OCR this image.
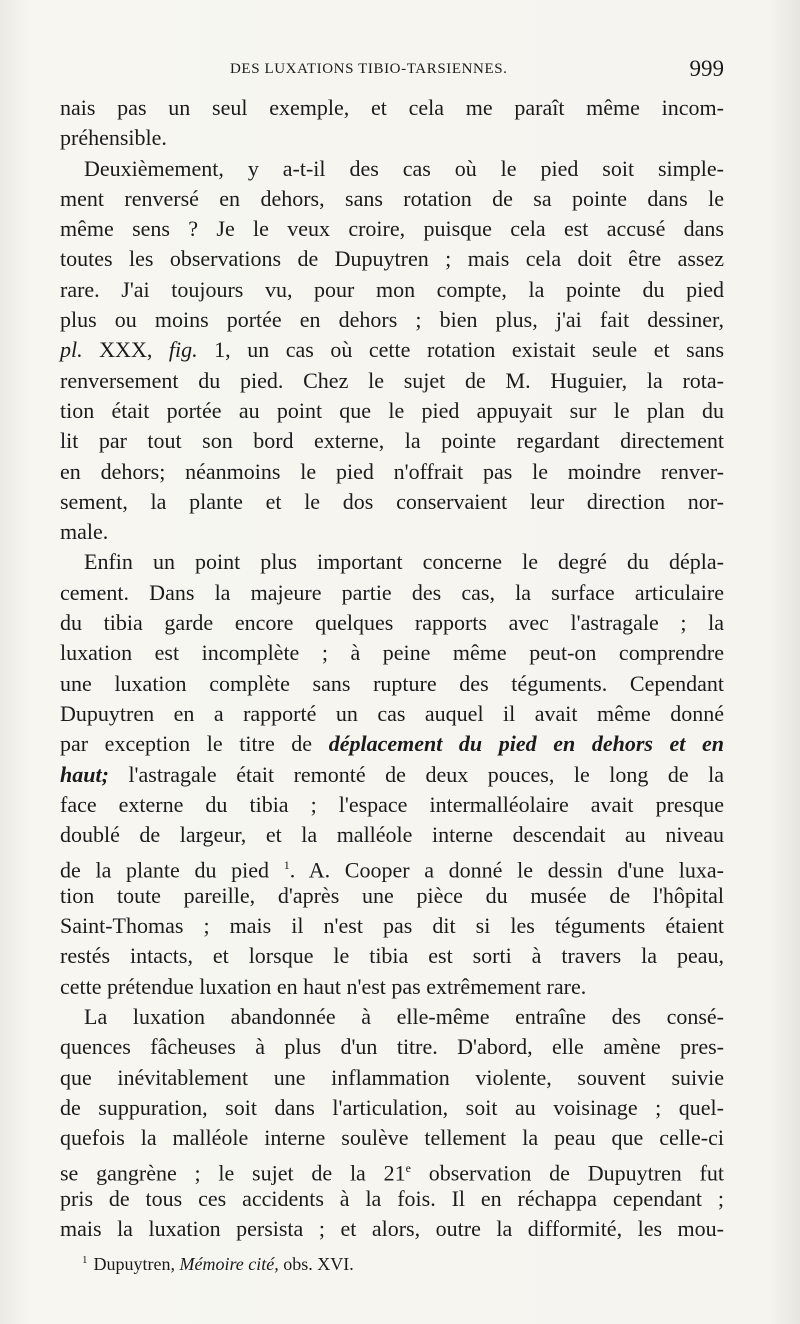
DES LUXATIONS TIBIO-TARSIENNES.	999
nais pas un seul exemple, et cela me paraît même incom-
préhensible.
Deuxièmement, y a-t-il des cas où le pied soit simple-
ment renversé en dehors, sans rotation de sa pointe dans le
même sens ? Je le veux croire, puisque cela est accusé dans
toutes les observations de Dupuytren ; mais cela doit être assez
rare. J'ai toujours vu, pour mon compte, la pointe du pied
plus ou moins portée en dehors ; bien plus, j'ai fait dessiner,
pl. XXX, fig. 1, un cas où cette rotation existait seule et sans
renversement du pied. Chez le sujet de M. Huguier, la rota-
tion était portée au point que le pied appuyait sur le plan du
lit par tout son bord externe, la pointe regardant directement
en dehors; néanmoins le pied n'offrait pas le moindre renver-
sement, la plante et le dos conservaient leur direction nor-
male.
Enfin un point plus important concerne le degré du dépla-
cement. Dans la majeure partie des cas, la surface articulaire
du tibia garde encore quelques rapports avec l'astragale ; la
luxation est incomplète ; à peine même peut-on comprendre
une luxation complète sans rupture des téguments. Cependant
Dupuytren en a rapporté un cas auquel il avait même donné
par exception le titre de déplacement du pied en dehors et en
haut; l'astragale était remonté de deux pouces, le long de la
face externe du tibia ; l'espace intermalléolaire avait presque
doublé de largeur, et la malléole interne descendait au niveau
de la plante du pied $^1$. A. Cooper a donné le dessin d'une luxa-
tion toute pareille, d'après une pièce du musée de l'hôpital
Saint-Thomas ; mais il n'est pas dit si les téguments étaient
restés intacts, et lorsque le tibia est sorti à travers la peau,
cette prétendue luxation en haut n'est pas extrêmement rare.
La luxation abandonnée à elle-même entraîne des consé-
quences fâcheuses à plus d'un titre. D'abord, elle amène pres-
que inévitablement une inflammation violente, souvent suivie
de suppuration, soit dans l'articulation, soit au voisinage ; quel-
quefois la malléole interne soulève tellement la peau que celle-ci
se gangrène ; le sujet de la 21e observation de Dupuytren fut
pris de tous ces accidents à la fois. Il en réchappa cependant ;
mais la luxation persista ; et alors, outre la difformité, les mou-
$^1$ Dupuytren, Mémoire cité, obs. XVI.
